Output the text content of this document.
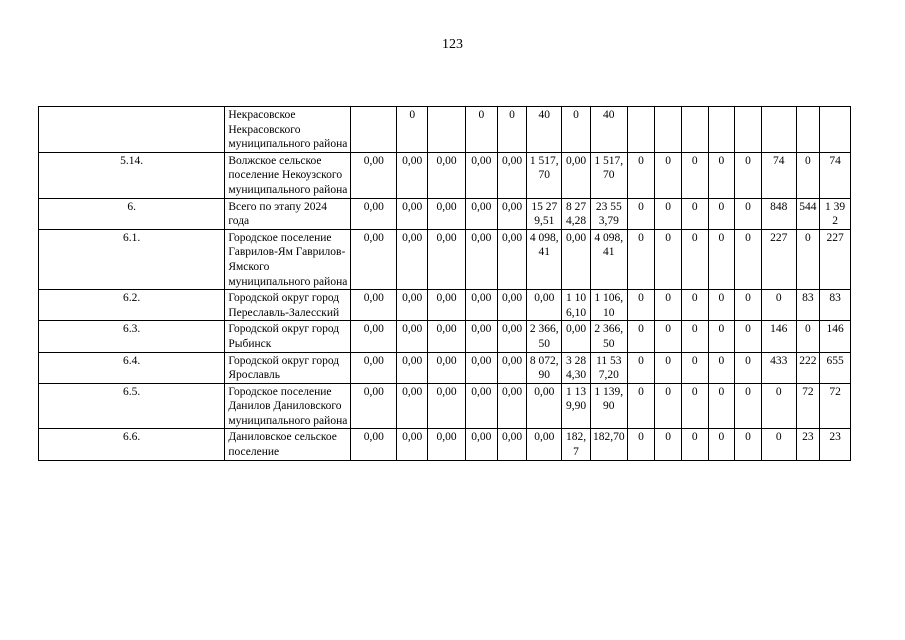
123
	Некрасовское Некрасовского муниципального района		0		0	0	40	0	40								
5.14.	Волжское сельское поселение Некоузского муниципального района	0,00	0,00	0,00	0,00	0,00	1 517,70	0,00	1 517,70	0	0	0	0	0	74	0	74
6.	Всего по этапу 2024 года	0,00	0,00	0,00	0,00	0,00	15 279,51	8 274,28	23 553,79	0	0	0	0	0	848	544	1 392
6.1.	Городское поселение Гаврилов-Ям Гаврилов-Ямского муниципального района	0,00	0,00	0,00	0,00	0,00	4 098,41	0,00	4 098,41	0	0	0	0	0	227	0	227
6.2.	Городской округ город Переславль-Залесский	0,00	0,00	0,00	0,00	0,00	0,00	1 106,10	1 106,10	0	0	0	0	0	0	83	83
6.3.	Городской округ город Рыбинск	0,00	0,00	0,00	0,00	0,00	2 366,50	0,00	2 366,50	0	0	0	0	0	146	0	146
6.4.	Городской округ город Ярославль	0,00	0,00	0,00	0,00	0,00	8 072,90	3 284,30	11 537,20	0	0	0	0	0	433	222	655
6.5.	Городское поселение Данилов Даниловского муниципального района	0,00	0,00	0,00	0,00	0,00	0,00	1 139,90	1 139,90	0	0	0	0	0	0	72	72
6.6.	Даниловское сельское поселение	0,00	0,00	0,00	0,00	0,00	0,00	182,7	182,70	0	0	0	0	0	0	23	23
